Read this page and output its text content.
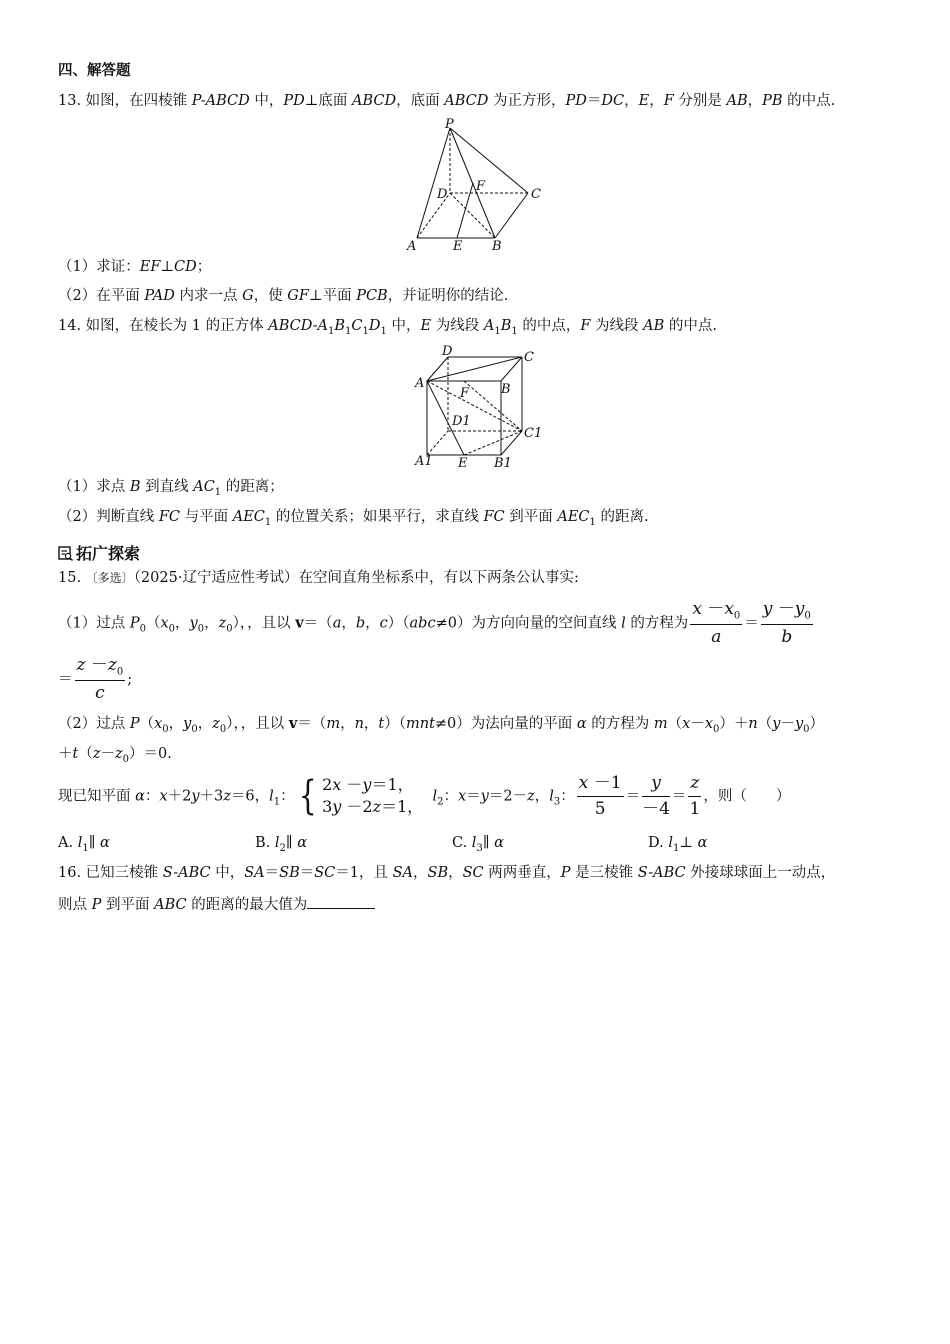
四、解答题
13. 如图，在四棱锥 P-ABCD 中，PD⊥底面 ABCD，底面 ABCD 为正方形，PD＝DC，E，F 分别是 AB，PB 的中点.
P
D
F
C
A	E B
（1）求证：EF⊥CD；
（2）在平面 PAD 内求一点 G，使 GF⊥平面 PCB，并证明你的结论.
14. 如图，在棱长为 1 的正方体 ABCD-$A_1B_1C_1D_1$ 中，E 为线段 $A_1B_1$ 的中点，F 为线段 AB 的中点.
D	C
A
F B
D1
C1
A1 E B1
（1）求点 B 到直线 $AC_1$ 的距离；
（2）判断直线 FC 与平面 $AEC_1$ 的位置关系；如果平行，求直线 FC 到平面 $AEC_1$ 的距离.
拓广探索
15. 〔多选〕（2025·辽宁适应性考试）在空间直角坐标系中，有以下两条公认事实:
（1）过点 $P_0(x_0$，$y_0$，$z_0$），，且以 v＝（a，b，c）（abc≠0）为方向向量的空间直线 l 的方程为 $\frac{x -x_0}{a} = \frac{y -y_0}{b}$
＝ $\frac{z -z_0}{c}$ ;
（2）过点 $P(x_0$，$y_0$，$z_0$），，且以 v＝（m，n，t）（mnt≠0）为法向量的平面 α 的方程为 $m(x-x_0)+n(y-y_0)$
$+t(z-z_0)=0$.
现已知平面 α：x＋2y＋3z＝6，$l_1$：{ 2x －y＝1，
3y －2z＝1，  $l_2$：x＝y＝2－z，$l_3$： $\frac{x -1}{5} = \frac{y}{-4} = \frac{z}{1}$ ，则（　　）
A. $l_1\parallel$ α	B. $l_2\parallel$ α	C. $l_3\parallel$ α	D. $l_1\perp$ α
16. 已知三棱锥 S-ABC 中，SA＝SB＝SC＝1，且 SA，SB，SC 两两垂直，P 是三棱锥 S-ABC 外接球球面上一动点，
则点 P 到平面 ABC 的距离的最大值为
